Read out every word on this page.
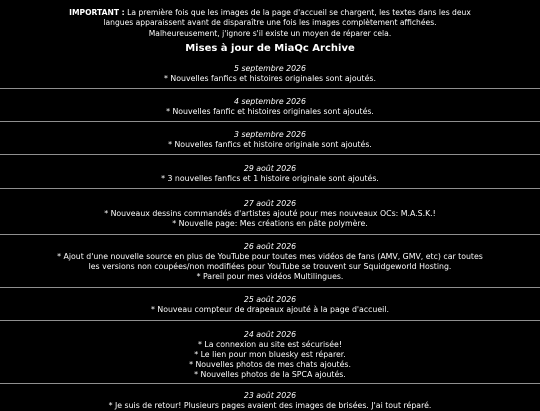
IMPORTANT : La première fois que les images de la page d'accueil se chargent, les textes dans les deux
langues apparaissent avant de disparaître une fois les images complètement affichées.
Malheureusement, j'ignore s'il existe un moyen de réparer cela.
Mises à jour de MiaQc Archive
5 septembre 2026
* Nouvelles fanfics et histoires originales sont ajoutés.
4 septembre 2026
* Nouvelles fanfic et histoires originales sont ajoutés.
3 septembre 2026
* Nouvelles fanfics et histoire originale sont ajoutés.
29 août 2026
* 3 nouvelles fanfics et 1 histoire originale sont ajoutés.
27 août 2026
* Nouveaux dessins commandés d'artistes ajouté pour mes nouveaux OCs: M.A.S.K.!
* Nouvelle page: Mes créations en pâte polymère.
26 août 2026
* Ajout d'une nouvelle source en plus de YouTube pour toutes mes vidéos de fans (AMV, GMV, etc) car toutes
les versions non coupées/non modifiées pour YouTube se trouvent sur Squidgeworld Hosting.
* Pareil pour mes vidéos Multilingues.
25 août 2026
* Nouveau compteur de drapeaux ajouté à la page d'accueil.
24 août 2026
* La connexion au site est sécurisée!
* Le lien pour mon bluesky est réparer.
* Nouvelles photos de mes chats ajoutés.
* Nouvelles photos de la SPCA ajoutés.
23 août 2026
* Je suis de retour! Plusieurs pages avaient des images de brisées. J'ai tout réparé.
